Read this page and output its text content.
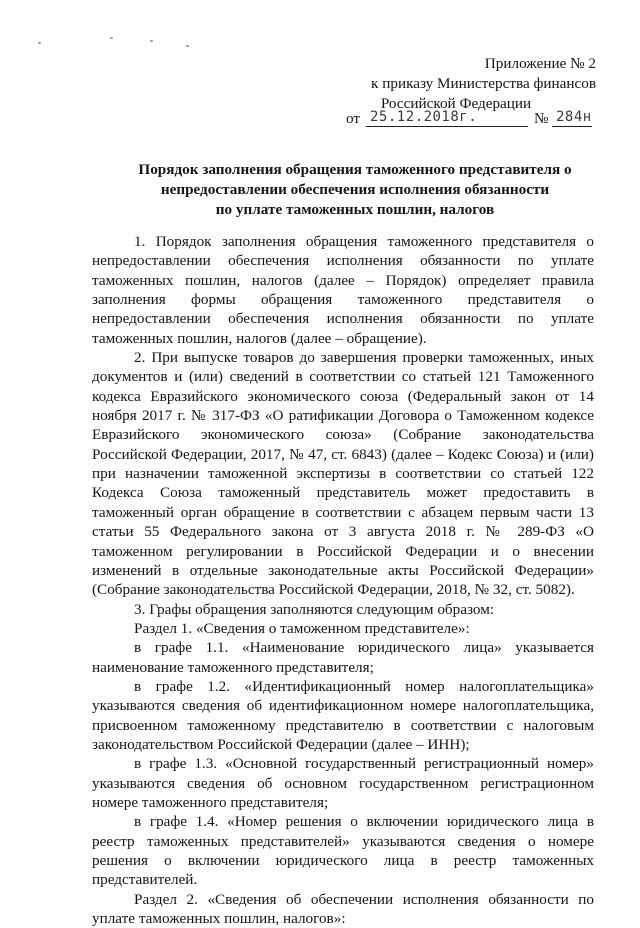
Приложение № 2
к приказу Министерства финансов
Российской Федерации
от 25.12.2018г.	№ 284н
Порядок заполнения обращения таможенного представителя о
непредоставлении обеспечения исполнения обязанности
по уплате таможенных пошлин, налогов

1. Порядок заполнения обращения таможенного представителя о непредоставлении обеспечения исполнения обязанности по уплате таможенных пошлин, налогов (далее – Порядок) определяет правила заполнения формы обращения таможенного представителя о непредоставлении обеспечения исполнения обязанности по уплате таможенных пошлин, налогов (далее – обращение).

2. При выпуске товаров до завершения проверки таможенных, иных документов и (или) сведений в соответствии со статьей 121 Таможенного кодекса Евразийского экономического союза (Федеральный закон от 14 ноября 2017 г. № 317-ФЗ «О ратификации Договора о Таможенном кодексе Евразийского экономического союза» (Собрание законодательства Российской Федерации, 2017, № 47, ст. 6843) (далее – Кодекс Союза) и (или) при назначении таможенной экспертизы в соответствии со статьей 122 Кодекса Союза таможенный представитель может предоставить в таможенный орган обращение в соответствии с абзацем первым части 13 статьи 55 Федерального закона от 3 августа 2018 г. № 289-ФЗ «О таможенном регулировании в Российской Федерации и о внесении изменений в отдельные законодательные акты Российской Федерации» (Собрание законодательства Российской Федерации, 2018, № 32, ст. 5082).

3. Графы обращения заполняются следующим образом:

Раздел 1. «Сведения о таможенном представителе»:

в графе 1.1. «Наименование юридического лица» указывается наименование таможенного представителя;

в графе 1.2. «Идентификационный номер налогоплательщика» указываются сведения об идентификационном номере налогоплательщика, присвоенном таможенному представителю в соответствии с налоговым законодательством Российской Федерации (далее – ИНН);

в графе 1.3. «Основной государственный регистрационный номер» указываются сведения об основном государственном регистрационном номере таможенного представителя;

в графе 1.4. «Номер решения о включении юридического лица в реестр таможенных представителей» указываются сведения о номере решения о включении юридического лица в реестр таможенных представителей.

Раздел 2. «Сведения об обеспечении исполнения обязанности по уплате таможенных пошлин, налогов»:
